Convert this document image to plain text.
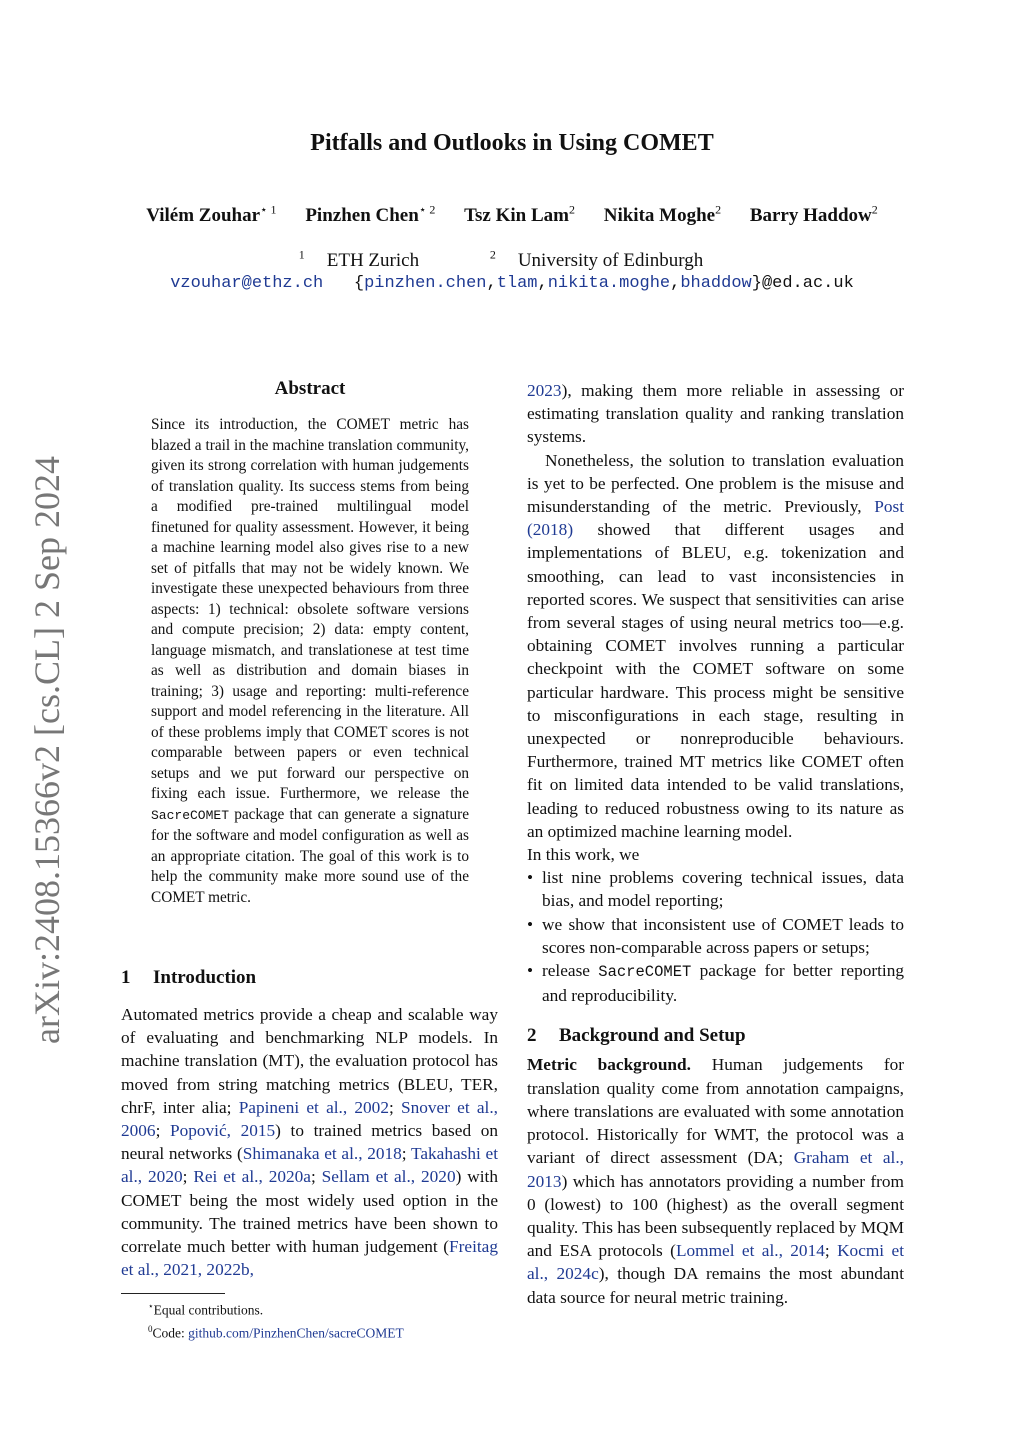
Pitfalls and Outlooks in Using COMET
Vilém Zouhar$^{⋆ 1}$ Pinzhen Chen$^{⋆ 2}$ Tsz Kin Lam$^2$ Nikita Moghe$^2$ Barry Haddow$^2$
$^1$ ETH Zurich	$^2$ University of Edinburgh
vzouhar@ethz.ch {pinzhen.chen,tlam,nikita.moghe,bhaddow}@ed.ac.uk
arXiv:2408.15366v2 [cs.CL] 2 Sep 2024
Abstract
Since its introduction, the COMET metric has blazed a trail in the machine translation community, given its strong correlation with human judgements of translation quality. Its success stems from being a modified pre-trained multilingual model finetuned for quality assessment. However, it being a machine learning model also gives rise to a new set of pitfalls that may not be widely known. We investigate these unexpected behaviours from three aspects: 1) technical: obsolete software versions and compute precision; 2) data: empty content, language mismatch, and translationese at test time as well as distribution and domain biases in training; 3) usage and reporting: multi-reference support and model referencing in the literature. All of these problems imply that COMET scores is not comparable between papers or even technical setups and we put forward our perspective on fixing each issue. Furthermore, we release the SacreCOMET package that can generate a signature for the software and model configuration as well as an appropriate citation. The goal of this work is to help the community make more sound use of the COMET metric.
1 Introduction

Automated metrics provide a cheap and scalable way of evaluating and benchmarking NLP models. In machine translation (MT), the evaluation protocol has moved from string matching metrics (BLEU, TER, chrF, inter alia; Papineni et al., 2002; Snover et al., 2006; Popović, 2015) to trained metrics based on neural networks (Shimanaka et al., 2018; Takahashi et al., 2020; Rei et al., 2020a; Sellam et al., 2020) with COMET being the most widely used option in the community. The trained metrics have been shown to correlate much better with human judgement (Freitag et al., 2021, 2022b,

⋆Equal contributions.
$^0$Code: github.com/PinzhenChen/sacreCOMET

2023), making them more reliable in assessing or estimating translation quality and ranking translation systems.

Nonetheless, the solution to translation evaluation is yet to be perfected. One problem is the misuse and misunderstanding of the metric. Previously, Post (2018) showed that different usages and implementations of BLEU, e.g. tokenization and smoothing, can lead to vast inconsistencies in reported scores. We suspect that sensitivities can arise from several stages of using neural metrics too—e.g. obtaining COMET involves running a particular checkpoint with the COMET software on some particular hardware. This process might be sensitive to misconfigurations in each stage, resulting in unexpected or nonreproducible behaviours. Furthermore, trained MT metrics like COMET often fit on limited data intended to be valid translations, leading to reduced robustness owing to its nature as an optimized machine learning model.

In this work, we

• list nine problems covering technical issues, data bias, and model reporting;
• we show that inconsistent use of COMET leads to scores non-comparable across papers or setups;
• release SacreCOMET package for better reporting and reproducibility.
2 Background and Setup

Metric background. Human judgements for translation quality come from annotation campaigns, where translations are evaluated with some annotation protocol. Historically for WMT, the protocol was a variant of direct assessment (DA; Graham et al., 2013) which has annotators providing a number from 0 (lowest) to 100 (highest) as the overall segment quality. This has been subsequently replaced by MQM and ESA protocols (Lommel et al., 2014; Kocmi et al., 2024c), though DA remains the most abundant data source for neural metric training.
